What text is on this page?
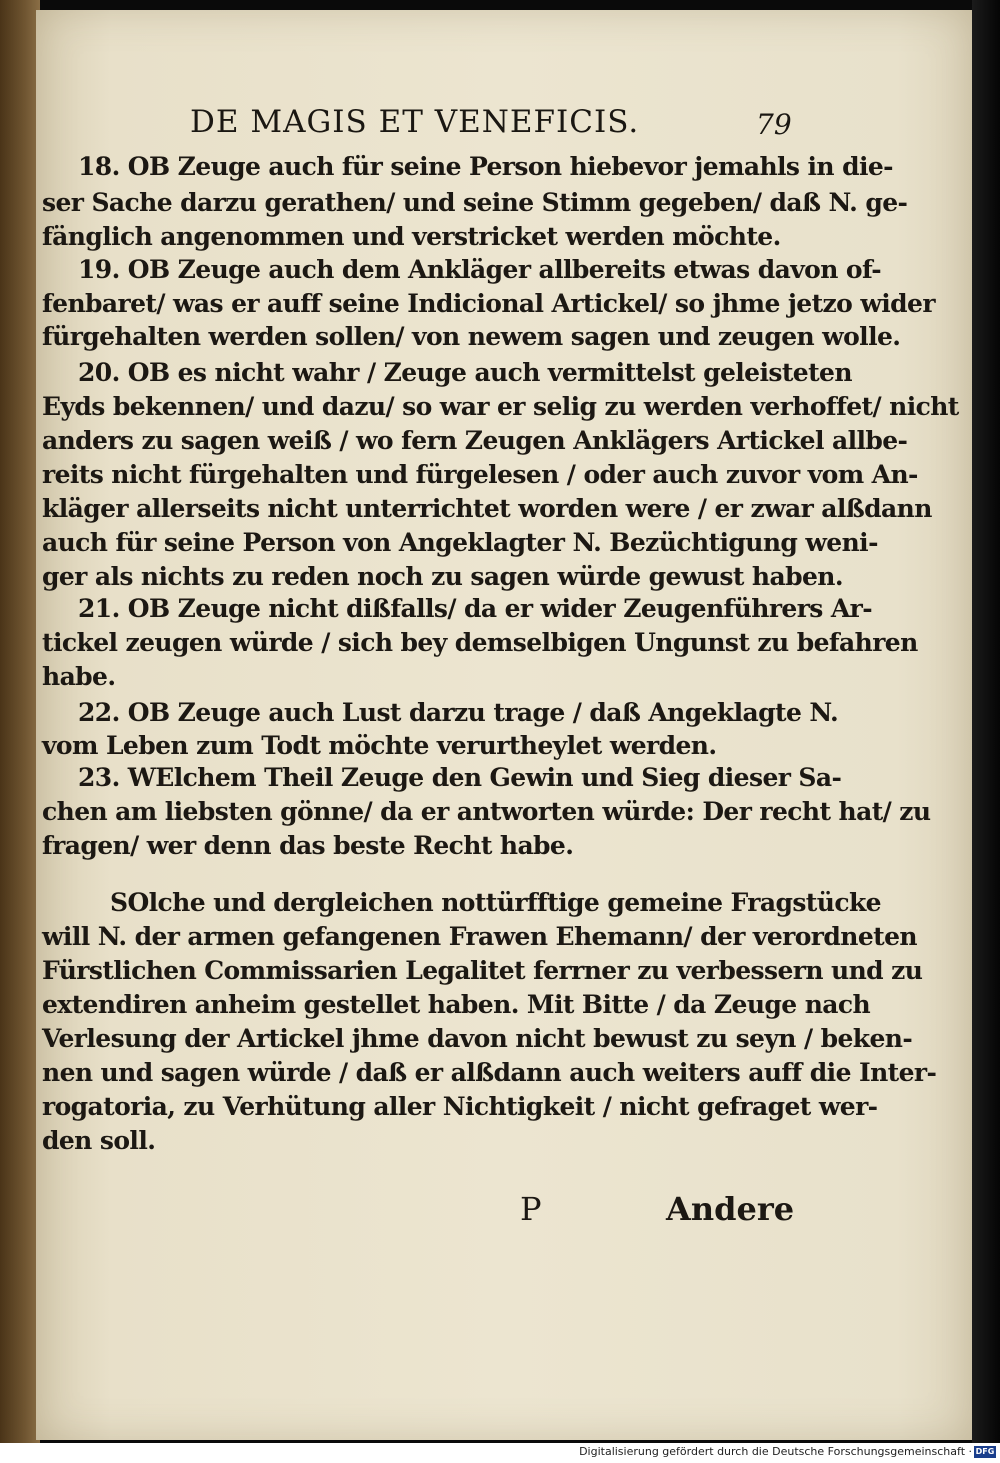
DE MAGIS ET VENEFICIS.	79
18. OB Zeuge auch für seine Person hiebevor jemahls in die-
ser Sache darzu gerathen/ und seine Stimm gegeben/ daß N. ge-
fänglich angenommen und verstricket werden möchte.
19. OB Zeuge auch dem Ankläger allbereits etwas davon of-
fenbaret/ was er auff seine Indicional Artickel/ so jhme jetzo wider
fürgehalten werden sollen/ von newem sagen und zeugen wolle.
20. OB es nicht wahr / Zeuge auch vermittelst geleisteten
Eyds bekennen/ und dazu/ so war er selig zu werden verhoffet/ nicht
anders zu sagen weiß / wo fern Zeugen Anklägers Artickel allbe-
reits nicht fürgehalten und fürgelesen / oder auch zuvor vom An-
kläger allerseits nicht unterrichtet worden were / er zwar alßdann
auch für seine Person von Angeklagter N. Bezüchtigung weni-
ger als nichts zu reden noch zu sagen würde gewust haben.
21. OB Zeuge nicht dißfalls/ da er wider Zeugenführers Ar-
tickel zeugen würde / sich bey demselbigen Ungunst zu befahren
habe.
22. OB Zeuge auch Lust darzu trage / daß Angeklagte N.
vom Leben zum Todt möchte verurtheylet werden.
23. WElchem Theil Zeuge den Gewin und Sieg dieser Sa-
chen am liebsten gönne/ da er antworten würde: Der recht hat/ zu
fragen/ wer denn das beste Recht habe.
SOlche und dergleichen nottürfftige gemeine Fragstücke
will N. der armen gefangenen Frawen Ehemann/ der verordneten
Fürstlichen Commissarien Legalitet ferrner zu verbessern und zu
extendiren anheim gestellet haben. Mit Bitte / da Zeuge nach
Verlesung der Artickel jhme davon nicht bewust zu seyn / beken-
nen und sagen würde / daß er alßdann auch weiters auff die Inter-
rogatoria, zu Verhütung aller Nichtigkeit / nicht gefraget wer-
den soll.
P	Andere
Digitalisierung gefördert durch die Deutsche Forschungsgemeinschaft · DFG
